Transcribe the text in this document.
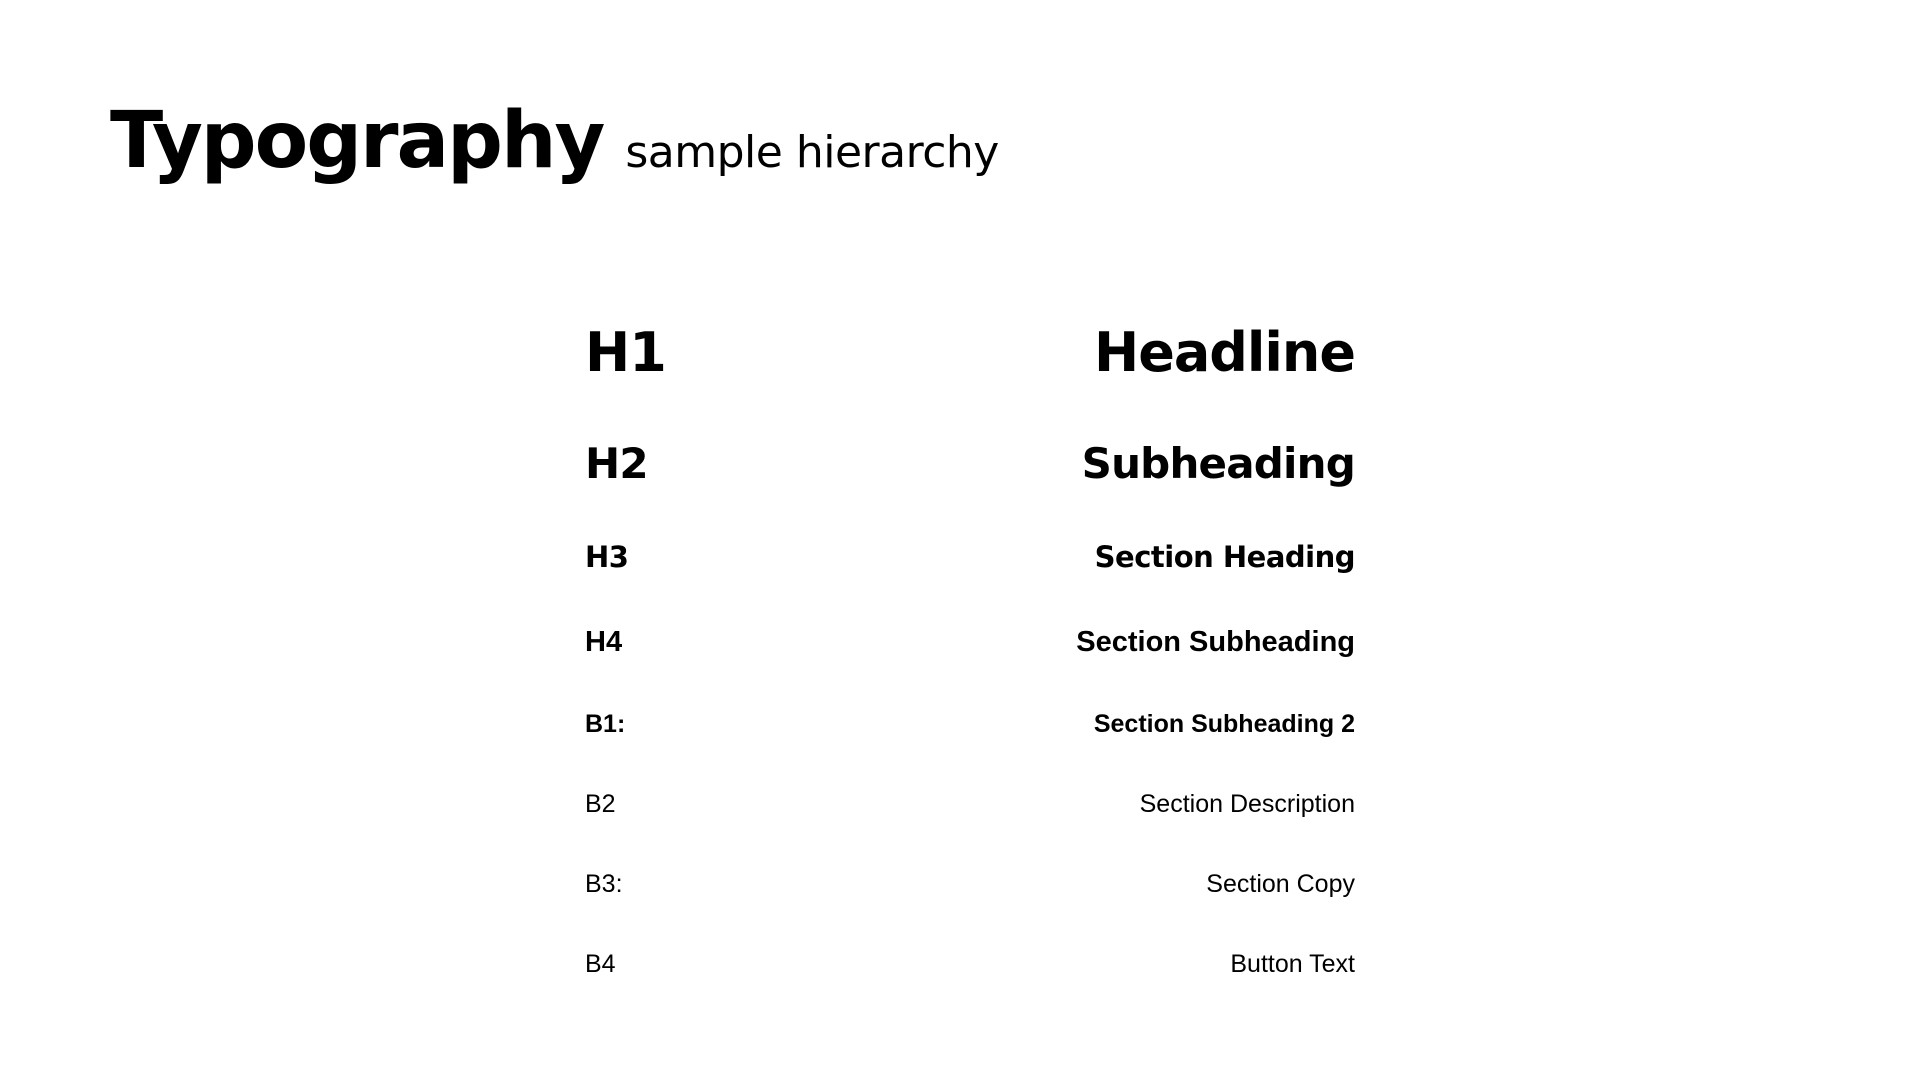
Typography sample hierarchy
H1	Headline
H2	Subheading
H3	Section Heading
H4	Section Subheading
B1:	Section Subheading 2
B2	Section Description
B3:	Section Copy
B4	Button Text
